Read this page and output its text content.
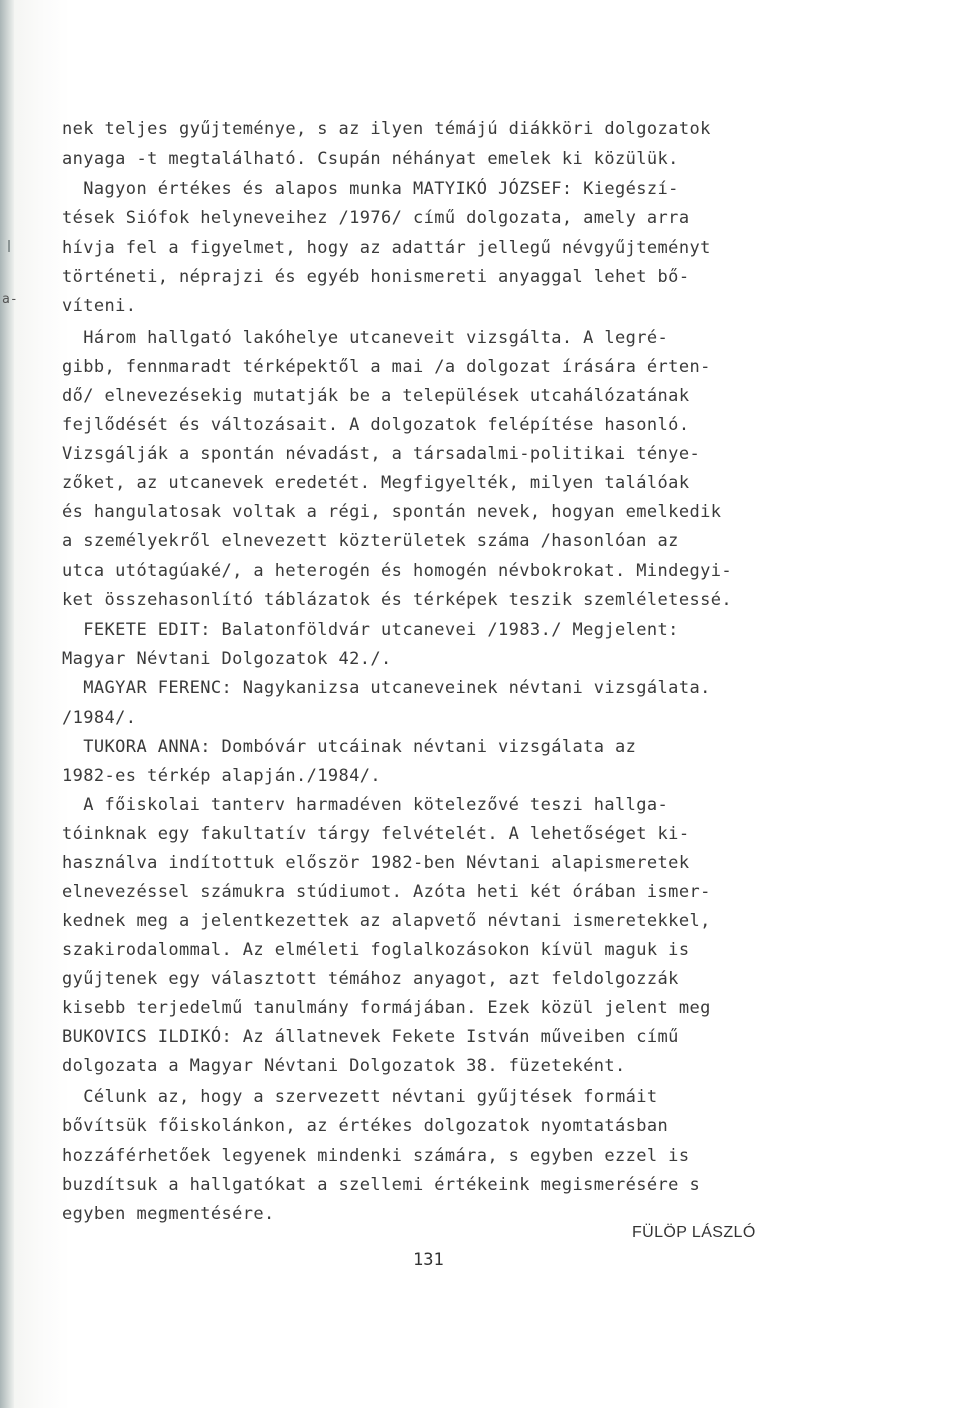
a-
nek teljes gyűjteménye, s az ilyen témájú diákköri dolgozatok
anyaga -t megtalálható. Csupán néhányat emelek ki közülük.
Nagyon értékes és alapos munka MATYIKÓ JÓZSEF: Kiegészí-
tések Siófok helyneveihez /1976/ című dolgozata, amely arra
hívja fel a figyelmet, hogy az adattár jellegű névgyűjteményt
történeti, néprajzi és egyéb honismereti anyaggal lehet bő-
víteni.
Három hallgató lakóhelye utcaneveit vizsgálta. A legré-
gibb, fennmaradt térképektől a mai /a dolgozat írására érten-
dő/ elnevezésekig mutatják be a települések utcahálózatának
fejlődését és változásait. A dolgozatok felépítése hasonló.
Vizsgálják a spontán névadást, a társadalmi-politikai ténye-
zőket, az utcanevek eredetét. Megfigyelték, milyen találóak
és hangulatosak voltak a régi, spontán nevek, hogyan emelkedik
a személyekről elnevezett közterületek száma /hasonlóan az
utca utótagúaké/, a heterogén és homogén névbokrokat. Mindegyi-
ket összehasonlító táblázatok és térképek teszik szemléletessé.
FEKETE EDIT: Balatonföldvár utcanevei /1983./ Megjelent:
Magyar Névtani Dolgozatok 42./.
MAGYAR FERENC: Nagykanizsa utcaneveinek névtani vizsgálata.
/1984/.
TUKORA ANNA: Dombóvár utcáinak névtani vizsgálata az
1982-es térkép alapján./1984/.
A főiskolai tanterv harmadéven kötelezővé teszi hallga-
tóinknak egy fakultatív tárgy felvételét. A lehetőséget ki-
használva indítottuk először 1982-ben Névtani alapismeretek
elnevezéssel számukra stúdiumot. Azóta heti két órában ismer-
kednek meg a jelentkezettek az alapvető névtani ismeretekkel,
szakirodalommal. Az elméleti foglalkozásokon kívül maguk is
gyűjtenek egy választott témához anyagot, azt feldolgozzák
kisebb terjedelmű tanulmány formájában. Ezek közül jelent meg
BUKOVICS ILDIKÓ: Az állatnevek Fekete István műveiben című
dolgozata a Magyar Névtani Dolgozatok 38. füzeteként.
Célunk az, hogy a szervezett névtani gyűjtések formáit
bővítsük főiskolánkon, az értékes dolgozatok nyomtatásban
hozzáférhetőek legyenek mindenki számára, s egyben ezzel is
buzdítsuk a hallgatókat a szellemi értékeink megismerésére s
egyben megmentésére.
FÜLÖP LÁSZLÓ
131
